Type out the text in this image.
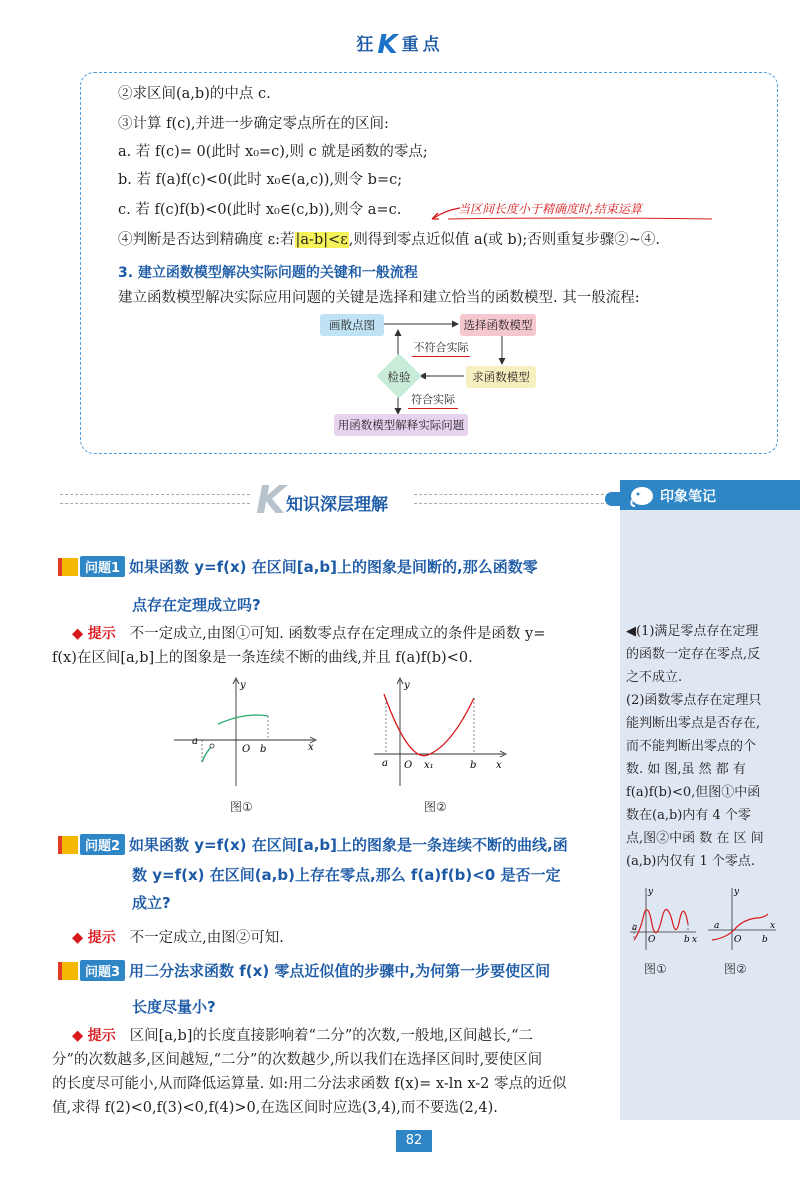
狂K重点
②求区间(a,b)的中点 c.
③计算 f(c),并进一步确定零点所在的区间:
a. 若 f(c)= 0(此时 x₀=c),则 c 就是函数的零点;
b. 若 f(a)f(c)<0(此时 x₀∈(a,c)),则令 b=c;
c. 若 f(c)f(b)<0(此时 x₀∈(c,b)),则令 a=c.	当区间长度小于精确度时,结束运算
④判断是否达到精确度 ε:若|a-b|<ε,则得到零点近似值 a(或 b);否则重复步骤②~④.
3. 建立函数模型解决实际问题的关键和一般流程
建立函数模型解决实际应用问题的关键是选择和建立恰当的函数模型. 其一般流程:
画散点图	选择函数模型
求函数模型
检验
不符合实际
符合实际
用函数模型解释实际问题
K 知识深层理解	印象笔记
◀(1)满足零点存在定理
的函数一定存在零点,反
之不成立.
(2)函数零点存在定理只
能判断出零点是否存在,
而不能判断出零点的个
数. 如 图,虽 然 都 有
f(a)f(b)<0,但图①中函
数在(a,b)内有 4 个零
点,图②中函 数 在 区 间
(a,b)内仅有 1 个零点.
y
a
O	b x
y
a
O b
x
图①	图②
问题1 如果函数 y=f(x) 在区间[a,b]上的图象是间断的,那么函数零
点存在定理成立吗?
◆ 提示 不一定成立,由图①可知. 函数零点存在定理成立的条件是函数 y=
f(x)在区间[a,b]上的图象是一条连续不断的曲线,并且 f(a)f(b)<0.
y
x
a
O b
图①
y
x
a O x₁	b
图②
问题2 如果函数 y=f(x) 在区间[a,b]上的图象是一条连续不断的曲线,函
数 y=f(x) 在区间(a,b)上存在零点,那么 f(a)f(b)<0 是否一定
成立?
◆ 提示 不一定成立,由图②可知.
问题3 用二分法求函数 f(x) 零点近似值的步骤中,为何第一步要使区间
长度尽量小?
◆ 提示 区间[a,b]的长度直接影响着“二分”的次数,一般地,区间越长,“二
分”的次数越多,区间越短,“二分”的次数越少,所以我们在选择区间时,要使区间
的长度尽可能小,从而降低运算量. 如:用二分法求函数 f(x)= x-ln x-2 零点的近似
值,求得 f(2)<0,f(3)<0,f(4)>0,在选区间时应选(3,4),而不要选(2,4).
82
